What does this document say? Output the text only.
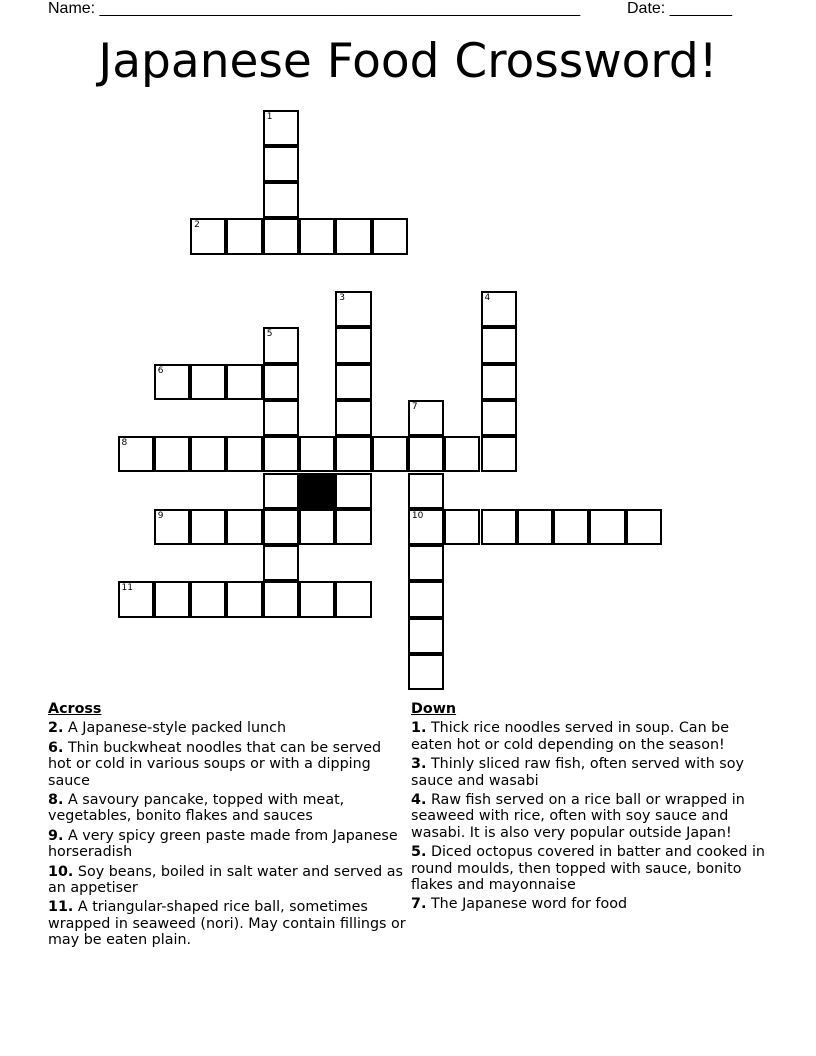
Name: ______________________________________________________	Date: _______
Japanese Food Crossword!
1
2
3	4
5
6
7
8
9	10
11
Across
2. A Japanese-style packed lunch
6. Thin buckwheat noodles that can be served hot or cold in various soups or with a dipping sauce
8. A savoury pancake, topped with meat, vegetables, bonito flakes and sauces
9. A very spicy green paste made from Japanese horseradish
10. Soy beans, boiled in salt water and served as an appetiser
11. A triangular-shaped rice ball, sometimes wrapped in seaweed (nori). May contain fillings or may be eaten plain.
Down
1. Thick rice noodles served in soup. Can be eaten hot or cold depending on the season!
3. Thinly sliced raw fish, often served with soy sauce and wasabi
4. Raw fish served on a rice ball or wrapped in seaweed with rice, often with soy sauce and wasabi. It is also very popular outside Japan!
5. Diced octopus covered in batter and cooked in round moulds, then topped with sauce, bonito flakes and mayonnaise
7. The Japanese word for food
